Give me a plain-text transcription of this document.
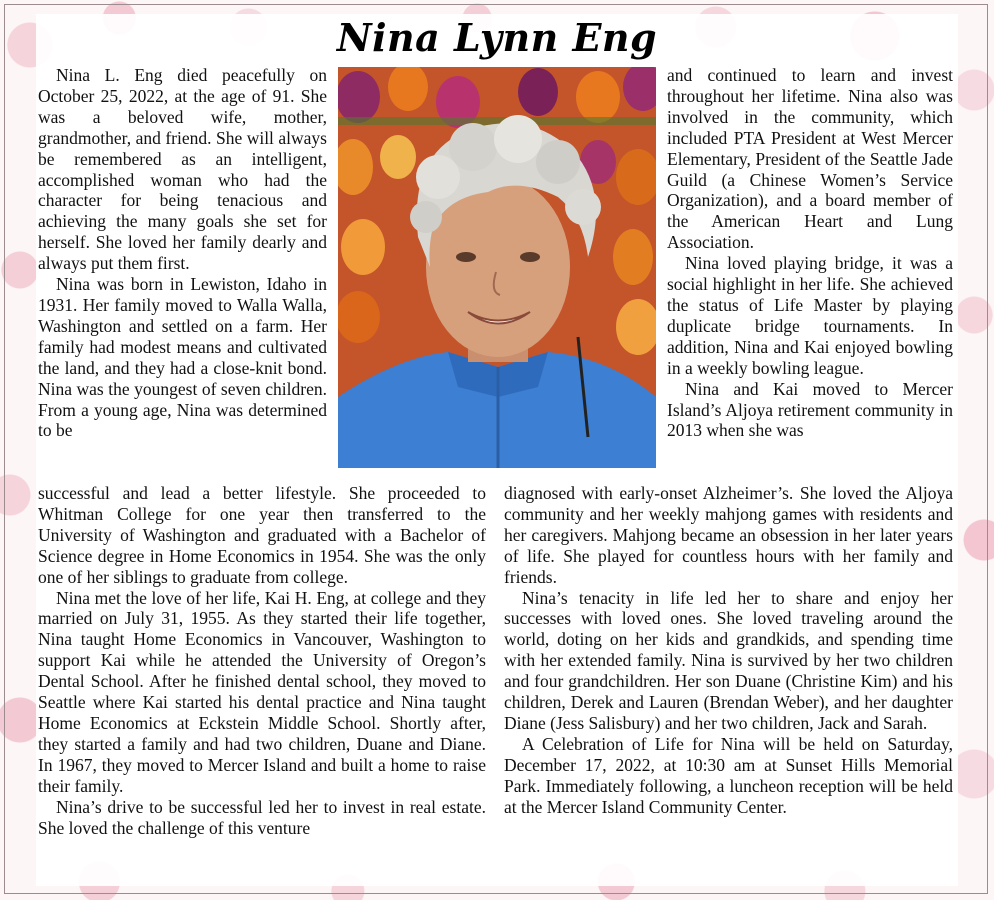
Nina Lynn Eng

Nina L. Eng died peacefully on October 25, 2022, at the age of 91. She was a beloved wife, mother, grandmother, and friend. She will always be remembered as an intelligent, accomplished woman who had the character for being tenacious and achieving the many goals she set for herself. She loved her family dearly and always put them first.

Nina was born in Lewiston, Idaho in 1931. Her family moved to Walla Walla, Washington and settled on a farm. Her family had modest means and cultivated the land, and they had a close-knit bond. Nina was the youngest of seven children. From a young age, Nina was determined to be

and continued to learn and invest throughout her lifetime. Nina also was involved in the community, which included PTA President at West Mercer Elementary, President of the Seattle Jade Guild (a Chinese Women’s Service Organization), and a board member of the American Heart and Lung Association.

Nina loved playing bridge, it was a social highlight in her life. She achieved the status of Life Master by playing duplicate bridge tournaments. In addition, Nina and Kai enjoyed bowling in a weekly bowling league.

Nina and Kai moved to Mercer Island’s Aljoya retirement community in 2013 when she was

successful and lead a better lifestyle. She proceeded to Whitman College for one year then transferred to the University of Washington and graduated with a Bachelor of Science degree in Home Economics in 1954. She was the only one of her siblings to graduate from college.

Nina met the love of her life, Kai H. Eng, at college and they married on July 31, 1955. As they started their life together, Nina taught Home Economics in Vancouver, Washington to support Kai while he attended the University of Oregon’s Dental School. After he finished dental school, they moved to Seattle where Kai started his dental practice and Nina taught Home Economics at Eckstein Middle School. Shortly after, they started a family and had two children, Duane and Diane. In 1967, they moved to Mercer Island and built a home to raise their family.

Nina’s drive to be successful led her to invest in real estate. She loved the challenge of this venture

diagnosed with early-onset Alzheimer’s. She loved the Aljoya community and her weekly mahjong games with residents and her caregivers. Mahjong became an obsession in her later years of life. She played for countless hours with her family and friends.

Nina’s tenacity in life led her to share and enjoy her successes with loved ones. She loved traveling around the world, doting on her kids and grandkids, and spending time with her extended family. Nina is survived by her two children and four grandchildren. Her son Duane (Christine Kim) and his children, Derek and Lauren (Brendan Weber), and her daughter Diane (Jess Salisbury) and her two children, Jack and Sarah.

A Celebration of Life for Nina will be held on Saturday, December 17, 2022, at 10:30 am at Sunset Hills Memorial Park. Immediately following, a luncheon reception will be held at the Mercer Island Community Center.
